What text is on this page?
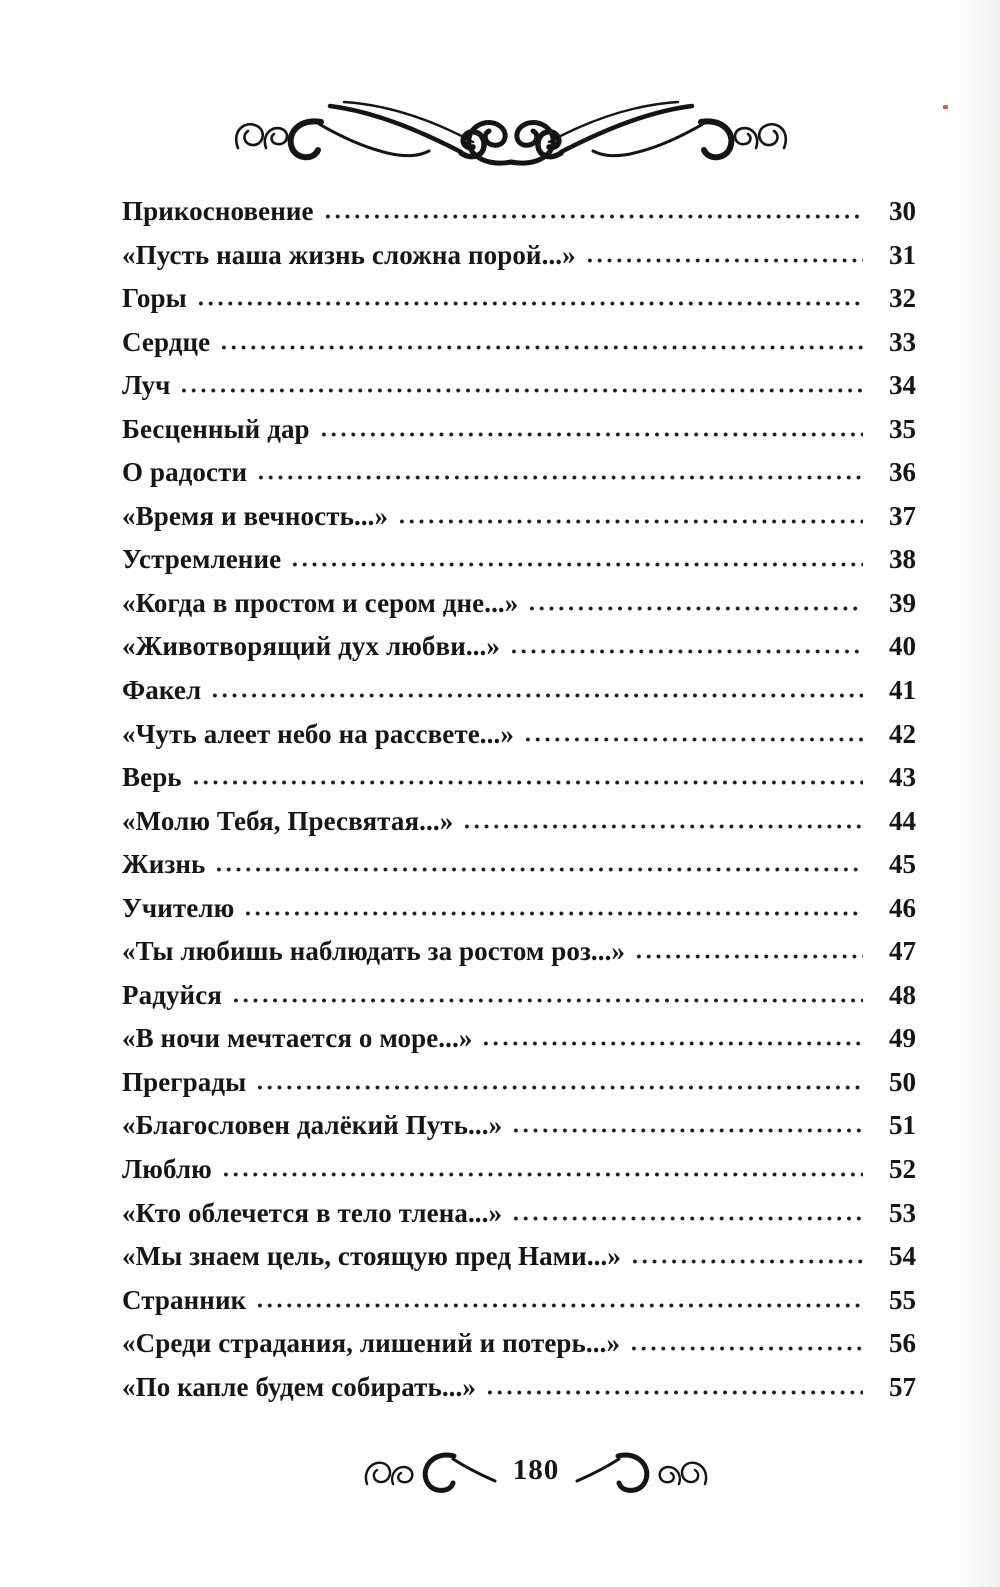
Прикосновение	30
«Пусть наша жизнь сложна порой...»	31
Горы	32
Сердце	33
Луч	34
Бесценный дар	35
О радости	36
«Время и вечность...»	37
Устремление	38
«Когда в простом и сером дне...»	39
«Животворящий дух любви...»	40
Факел	41
«Чуть алеет небо на рассвете...»	42
Верь	43
«Молю Тебя, Пресвятая...»	44
Жизнь	45
Учителю	46
«Ты любишь наблюдать за ростом роз...»	47
Радуйся	48
«В ночи мечтается о море...»	49
Преграды	50
«Благословен далёкий Путь...»	51
Люблю	52
«Кто облечется в тело тлена...»	53
«Мы знаем цель, стоящую пред Нами...»	54
Странник	55
«Среди страдания, лишений и потерь...»	56
«По капле будем собирать...»	57
180
